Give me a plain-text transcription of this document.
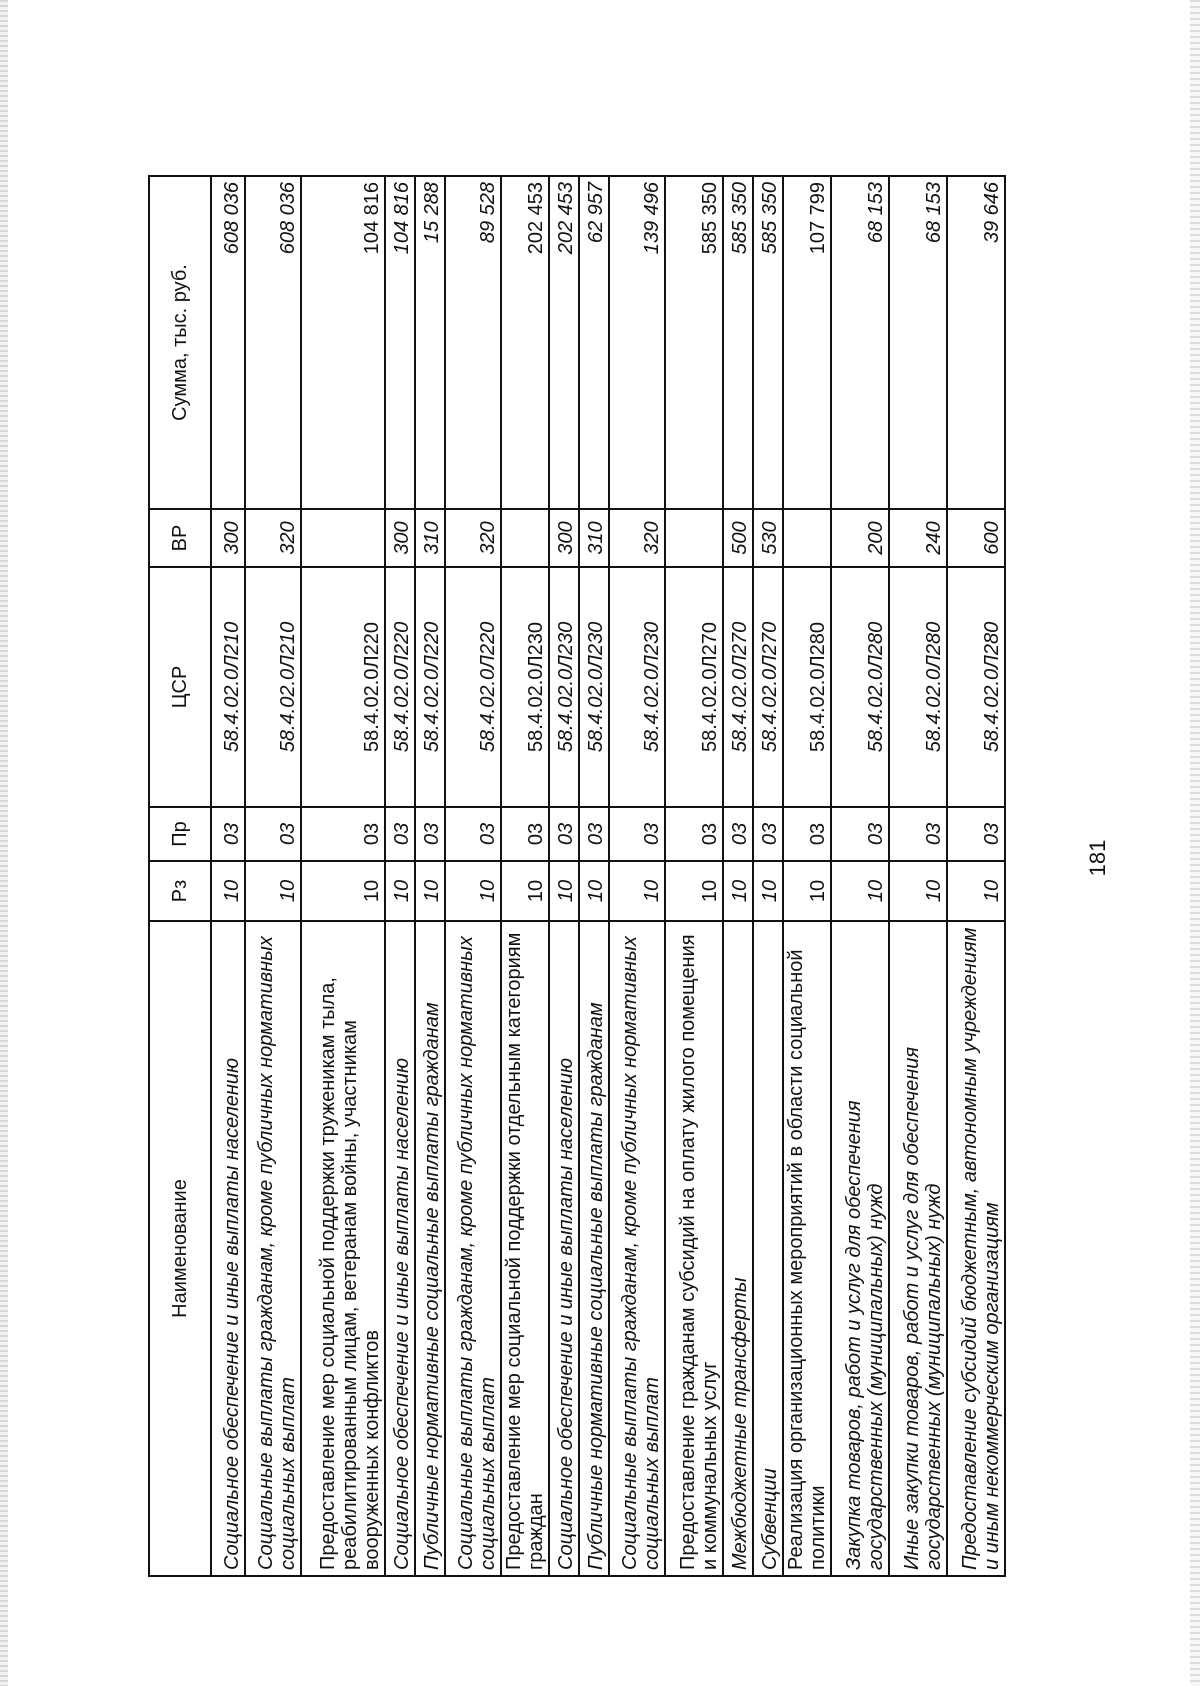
181
Наименование	Рз	Пр	ЦСР	ВР	Сумма, тыс. руб.
Социальное обеспечение и иные выплаты населению	10	03	58.4.02.0Л210	300	608 036
Социальные выплаты гражданам, кроме публичных нормативных социальных выплат	10	03	58.4.02.0Л210	320	608 036
Предоставление мер социальной поддержки труженикам тыла, реабилитированным лицам, ветеранам войны, участникам вооруженных конфликтов	10	03	58.4.02.0Л220		104 816
Социальное обеспечение и иные выплаты населению	10	03	58.4.02.0Л220	300	104 816
Публичные нормативные социальные выплаты гражданам	10	03	58.4.02.0Л220	310	15 288
Социальные выплаты гражданам, кроме публичных нормативных социальных выплат	10	03	58.4.02.0Л220	320	89 528
Предоставление мер социальной поддержки отдельным категориям граждан	10	03	58.4.02.0Л230		202 453
Социальное обеспечение и иные выплаты населению	10	03	58.4.02.0Л230	300	202 453
Публичные нормативные социальные выплаты гражданам	10	03	58.4.02.0Л230	310	62 957
Социальные выплаты гражданам, кроме публичных нормативных социальных выплат	10	03	58.4.02.0Л230	320	139 496
Предоставление гражданам субсидий на оплату жилого помещения и коммунальных услуг	10	03	58.4.02.0Л270		585 350
Межбюджетные трансферты	10	03	58.4.02.0Л270	500	585 350
Субвенции	10	03	58.4.02.0Л270	530	585 350
Реализация организационных мероприятий в области социальной политики	10	03	58.4.02.0Л280		107 799
Закупка товаров, работ и услуг для обеспечения государственных (муниципальных) нужд	10	03	58.4.02.0Л280	200	68 153
Иные закупки товаров, работ и услуг для обеспечения государственных (муниципальных) нужд	10	03	58.4.02.0Л280	240	68 153
Предоставление субсидий бюджетным, автономным учреждениям и иным некоммерческим организациям	10	03	58.4.02.0Л280	600	39 646
